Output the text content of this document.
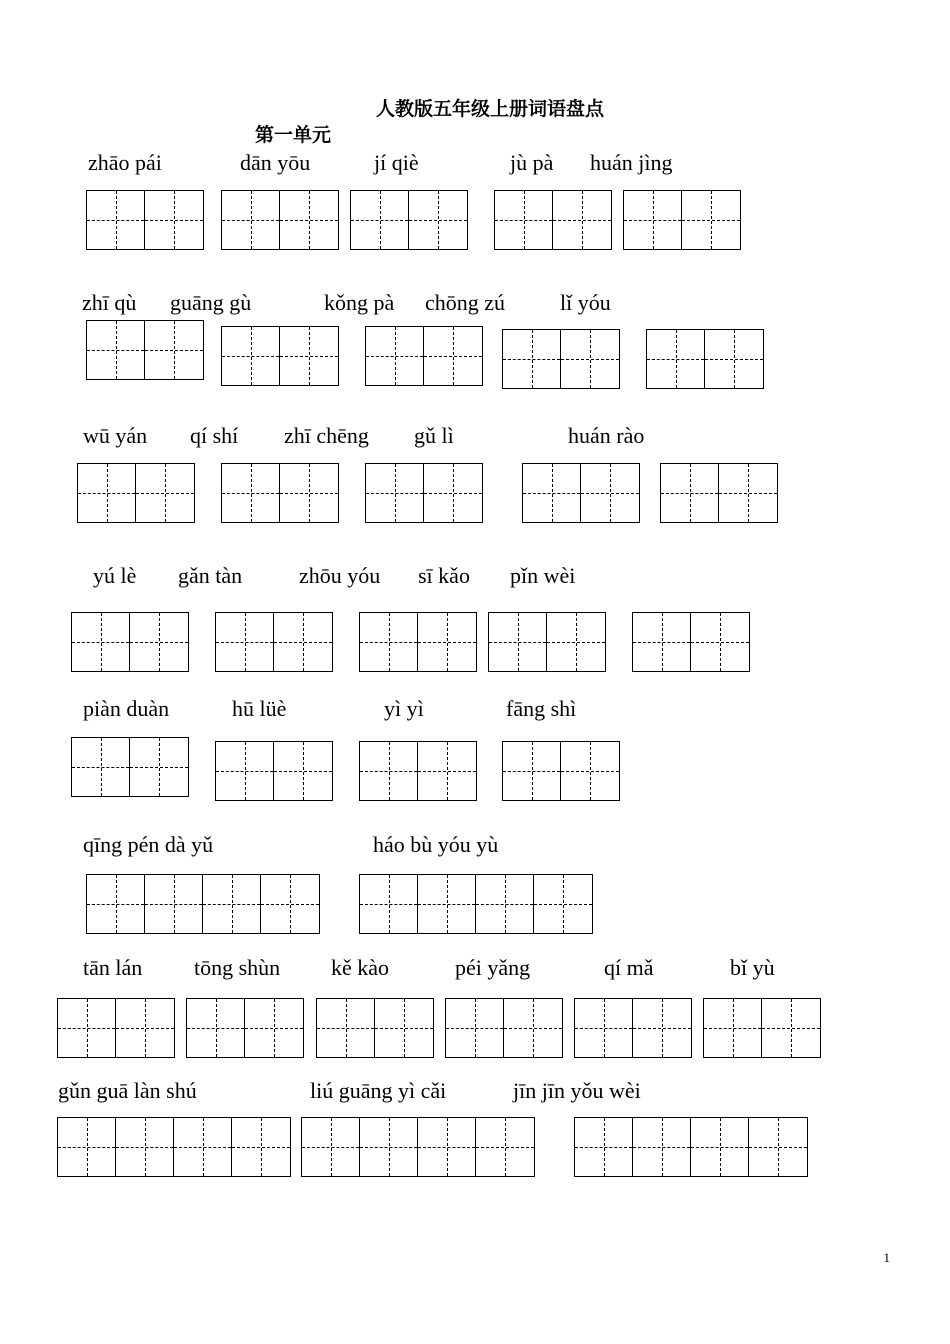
人教版五年级上册词语盘点
第一单元
zhāo pái	dān yōu	jí qiè	jù pà huán jìng
zhī qù guāng gù	kǒng pà chōng zú lǐ yóu
wū yán qí shí zhī chēng gǔ lì	huán rào
yú lè gǎn tàn	zhōu yóu sī kǎo pǐn wèi
piàn duàn	hū lüè	yì yì	fāng shì
qīng pén dà yǔ	háo bù yóu yù
tān lán tōng shùn kě kào	péi yǎng	qí mǎ	bǐ yù
gǔn guā làn shú	liú guāng yì cǎi	jīn jīn yǒu wèi
1
